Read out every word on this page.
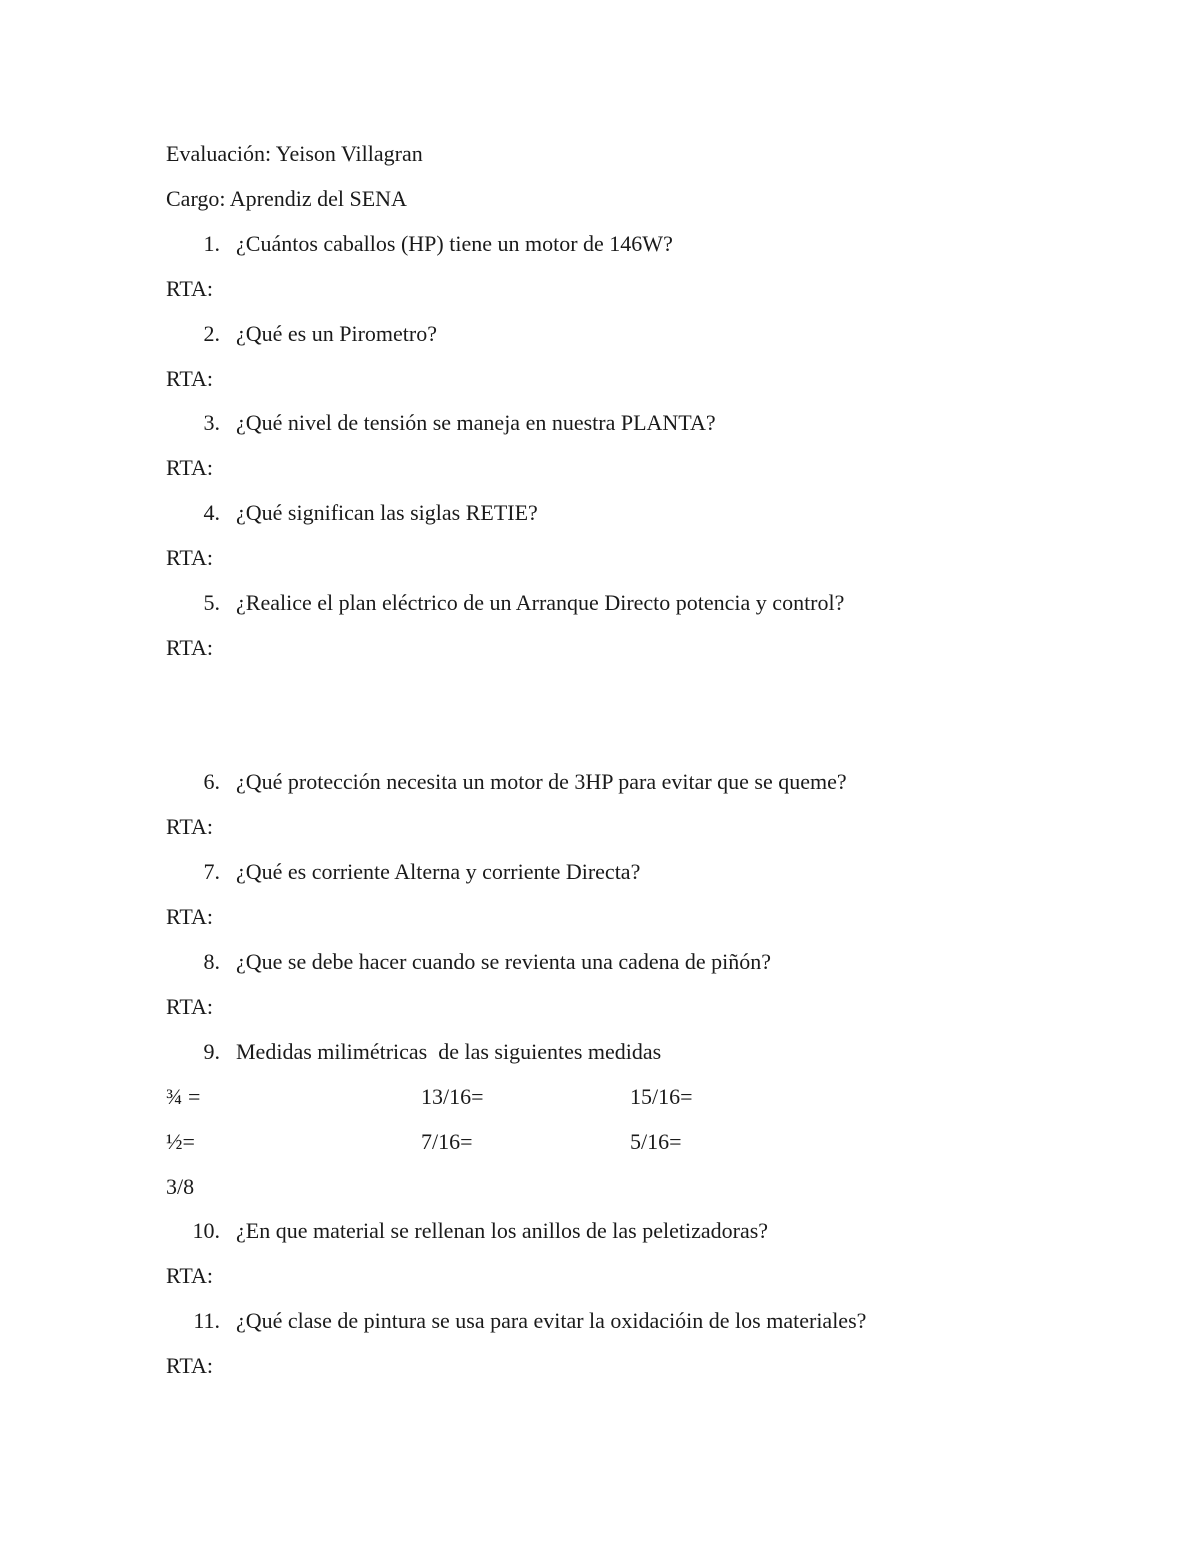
Evaluación: Yeison Villagran
Cargo: Aprendiz del SENA
1. ¿Cuántos caballos (HP) tiene un motor de 146W?
RTA:
2. ¿Qué es un Pirometro?
RTA:
3. ¿Qué nivel de tensión se maneja en nuestra PLANTA?
RTA:
4. ¿Qué significan las siglas RETIE?
RTA:
5. ¿Realice el plan eléctrico de un Arranque Directo potencia y control?
RTA:
6. ¿Qué protección necesita un motor de 3HP para evitar que se queme?
RTA:
7. ¿Qué es corriente Alterna y corriente Directa?
RTA:
8. ¿Que se debe hacer cuando se revienta una cadena de piñón?
RTA:
9. Medidas milimétricas  de las siguientes medidas
¾ =	13/16=	15/16=
½=	7/16=	5/16=
3/8
10. ¿En que material se rellenan los anillos de las peletizadoras?
RTA:
11. ¿Qué clase de pintura se usa para evitar la oxidacióin de los materiales?
RTA:
